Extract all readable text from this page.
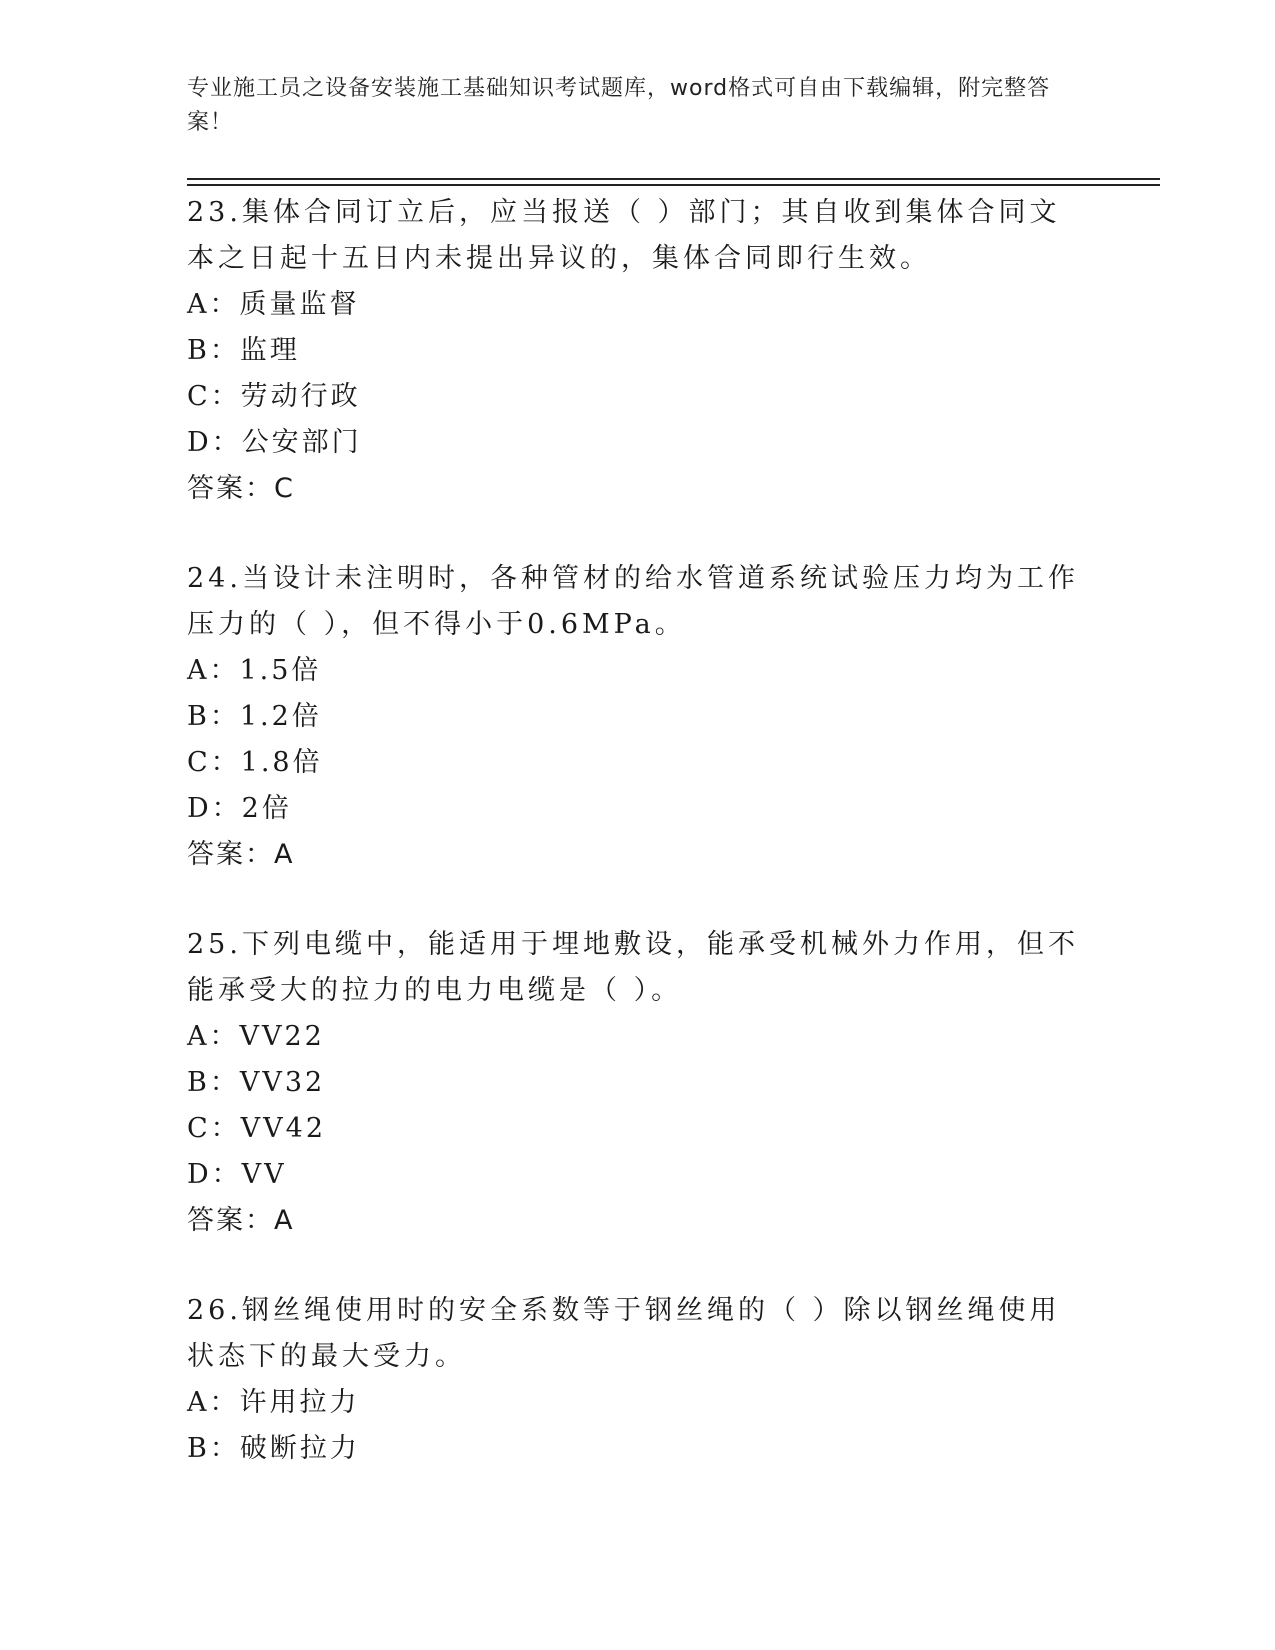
专业施工员之设备安装施工基础知识考试题库，word格式可自由下载编辑，附完整答案！
23.集体合同订立后，应当报送（ ）部门；其自收到集体合同文本之日起十五日内未提出异议的，集体合同即行生效。
A：质量监督
B：监理
C：劳动行政
D：公安部门
答案：C
24.当设计未注明时，各种管材的给水管道系统试验压力均为工作压力的（ ），但不得小于0.6MPa。
A：1.5倍
B：1.2倍
C：1.8倍
D：2倍
答案：A
25.下列电缆中，能适用于埋地敷设，能承受机械外力作用，但不能承受大的拉力的电力电缆是（ ）。
A：VV22
B：VV32
C：VV42
D：VV
答案：A
26.钢丝绳使用时的安全系数等于钢丝绳的（ ）除以钢丝绳使用状态下的最大受力。
A：许用拉力
B：破断拉力
